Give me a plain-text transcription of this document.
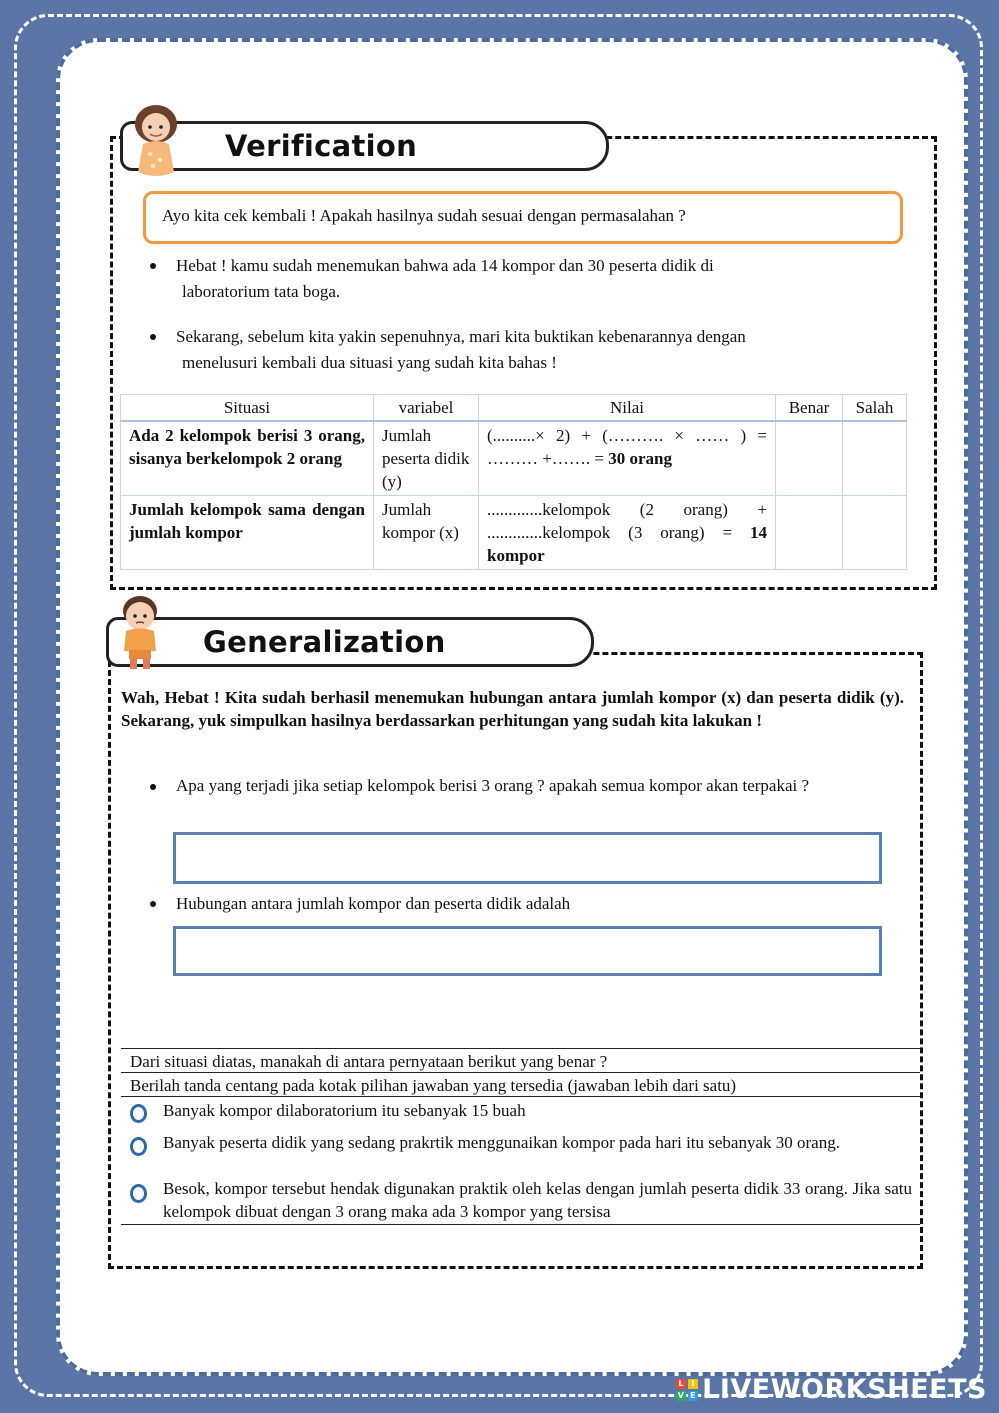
Verification
Ayo kita cek kembali ! Apakah hasilnya sudah sesuai dengan permasalahan ?
Hebat ! kamu sudah menemukan bahwa ada 14 kompor dan 30 peserta didik di
laboratorium tata boga.
Sekarang, sebelum kita yakin sepenuhnya, mari kita buktikan kebenarannya dengan
menelusuri kembali dua situasi yang sudah kita bahas !
Situasi	variabel	Nilai	Benar	Salah
Ada 2 kelompok berisi 3 orang, sisanya berkelompok 2 orang	Jumlah peserta didik (y)	(..........× 2) + (………. × …… ) = ……… +……. = 30 orang		
Jumlah kelompok sama dengan jumlah kompor	Jumlah kompor (x)	.............kelompok (2 orang) + .............kelompok (3 orang) = 14 kompor		
Generalization
Wah, Hebat ! Kita sudah berhasil menemukan hubungan antara jumlah kompor (x) dan peserta didik (y). Sekarang, yuk simpulkan hasilnya berdassarkan perhitungan yang sudah kita lakukan !
Apa yang terjadi jika setiap kelompok berisi 3 orang ? apakah semua kompor akan terpakai ?
Hubungan antara jumlah kompor dan peserta didik adalah
Dari situasi diatas, manakah di antara pernyataan berikut yang benar ?
Berilah tanda centang pada kotak pilihan jawaban yang tersedia (jawaban lebih dari satu)
Banyak kompor dilaboratorium itu sebanyak 15 buah
Banyak peserta didik yang sedang prakrtik menggunaikan kompor pada hari itu sebanyak 30 orang.
Besok, kompor tersebut hendak digunakan praktik oleh kelas dengan jumlah peserta didik 33 orang. Jika satu kelompok dibuat dengan 3 orang maka ada 3 kompor yang tersisa
L I
V E LIVEWORKSHEETS
